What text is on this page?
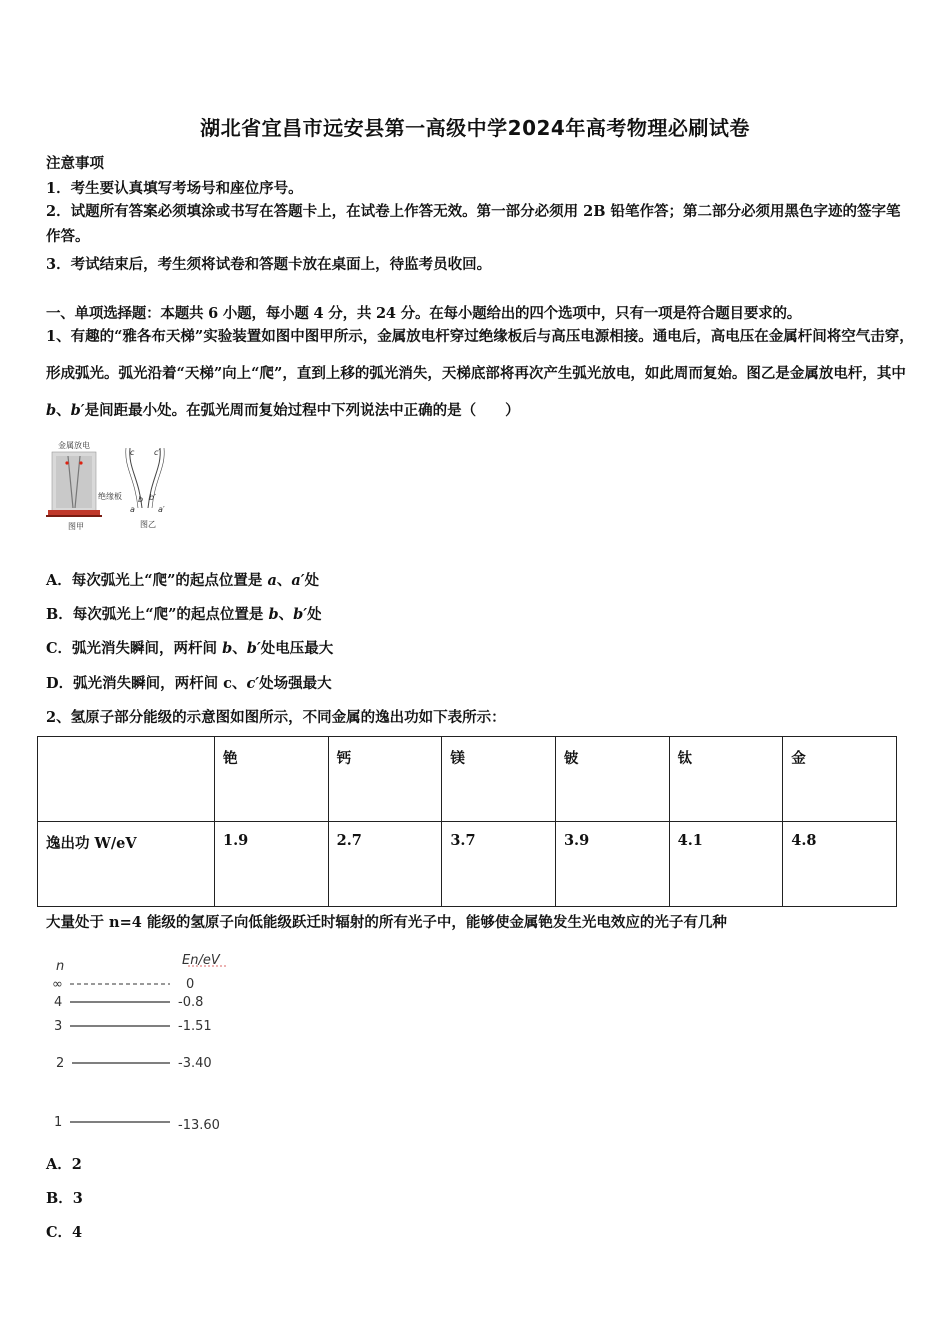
湖北省宜昌市远安县第一高级中学2024年高考物理必刷试卷
注意事项
1．考生要认真填写考场号和座位序号。
2．试题所有答案必须填涂或书写在答题卡上，在试卷上作答无效。第一部分必须用 2B 铅笔作答；第二部分必须用黑色字迹的签字笔作答。
3．考试结束后，考生须将试卷和答题卡放在桌面上，待监考员收回。
一、单项选择题：本题共 6 小题，每小题 4 分，共 24 分。在每小题给出的四个选项中，只有一项是符合题目要求的。
1、有趣的“雅各布天梯”实验装置如图中图甲所示，金属放电杆穿过绝缘板后与高压电源相接。通电后，高电压在金属杆间将空气击穿，形成弧光。弧光沿着“天梯”向上“爬”，直到上移的弧光消失，天梯底部将再次产生弧光放电，如此周而复始。图乙是金属放电杆，其中 b、b′是间距最小处。在弧光周而复始过程中下列说法中正确的是（　　）
金属放电
绝缘板
图甲
c c′
b b′
a	a′
图乙
A．每次弧光上“爬”的起点位置是 a、a′处
B．每次弧光上“爬”的起点位置是 b、b′处
C．弧光消失瞬间，两杆间 b、b′处电压最大
D．弧光消失瞬间，两杆间 c、c′处场强最大
2、氢原子部分能级的示意图如图所示，不同金属的逸出功如下表所示：
	铯	钙	镁	铍	钛	金
逸出功 W/eV	1.9	2.7	3.7	3.9	4.1	4.8
大量处于 n=4 能级的氢原子向低能级跃迁时辐射的所有光子中，能够使金属铯发生光电效应的光子有几种
n	En/eV
∞	0
4	-0.8
3	-1.51
2	-3.40
1	-13.60
A．2
B．3
C．4
